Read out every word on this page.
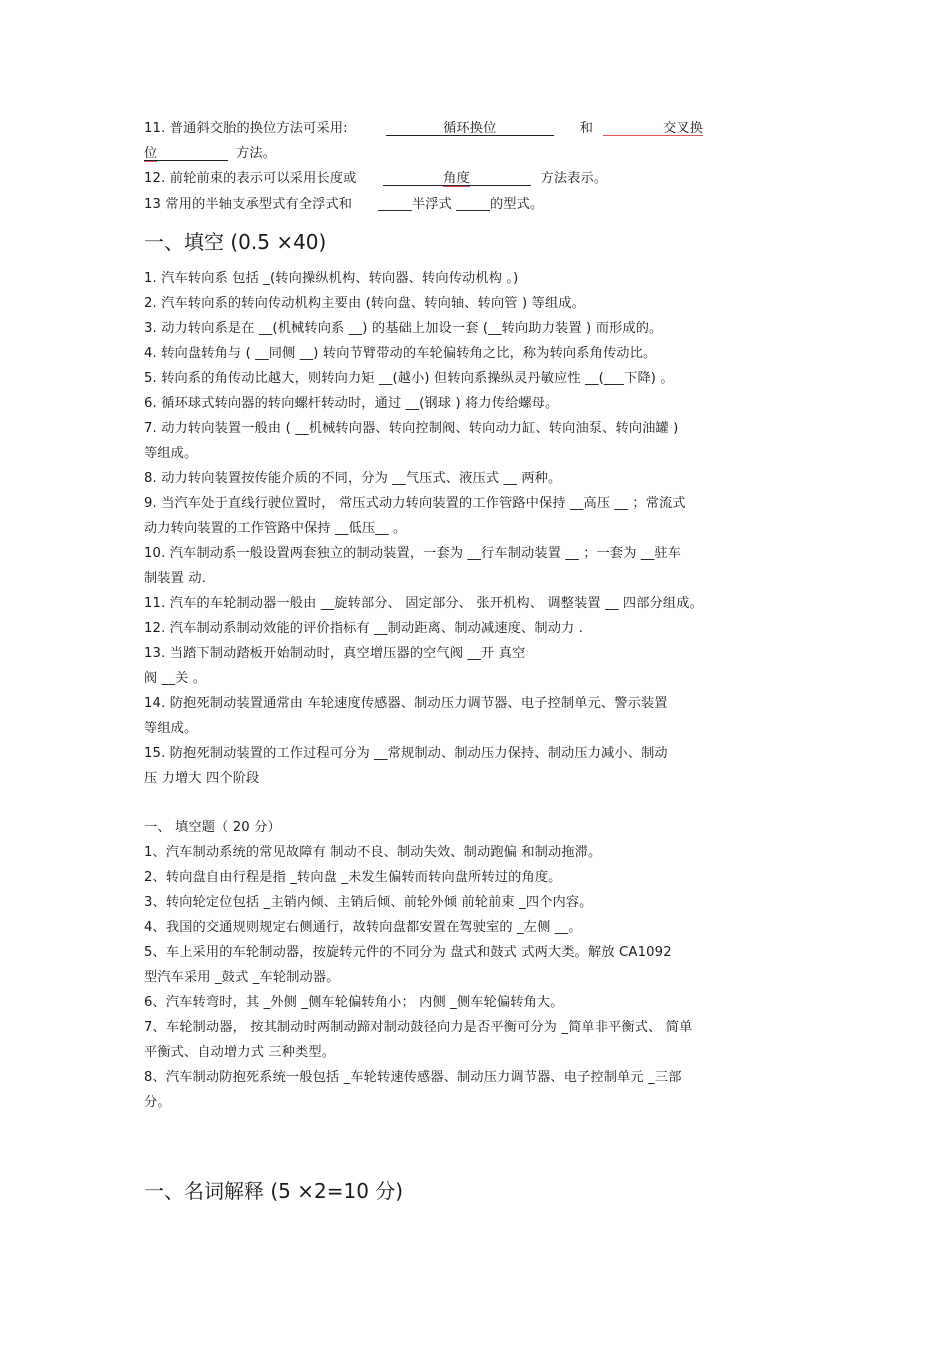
11. 普通斜交胎的换位方法可采用:	循环换位	和	交叉换
位	方法。
12. 前轮前束的表示可以采用长度或	角度	方法表示。
13 常用的半轴支承型式有全浮式和 _____半浮式 _____的型式。
一、填空 (0.5 ×40)
1. 汽车转向系 包括 _(转向操纵机构、转向器、转向传动机构 。)
2. 汽车转向系的转向传动机构主要由 (转向盘、转向轴、转向管 ) 等组成。
3. 动力转向系是在 __(机械转向系 __) 的基础上加设一套 (__转向助力装置 ) 而形成的。
4. 转向盘转角与 ( __同侧 __) 转向节臂带动的车轮偏转角之比，称为转向系角传动比。
5. 转向系的角传动比越大，则转向力矩 __(越小) 但转向系操纵灵丹敏应性 __(___下降) 。
6. 循环球式转向器的转向螺杆转动时，通过 __(钢球 ) 将力传给螺母。
7. 动力转向装置一般由 ( __机械转向器、转向控制阀、转向动力缸、转向油泵、转向油罐 )
等组成。
8. 动力转向装置按传能介质的不同，分为 __气压式、液压式 __ 两种。
9. 当汽车处于直线行驶位置时， 常压式动力转向装置的工作管路中保持 __高压 __ ；常流式
动力转向装置的工作管路中保持 __低压__ 。
10. 汽车制动系一般设置两套独立的制动装置，一套为 __行车制动装置 __ ；一套为 __驻车
制装置 动.
11. 汽车的车轮制动器一般由 __旋转部分、 固定部分、 张开机构、 调整装置 __ 四部分组成。
12. 汽车制动系制动效能的评价指标有 __制动距离、制动减速度、制动力 .
13. 当踏下制动踏板开始制动时，真空增压器的空气阀 __开 真空
阀 __关 。
14. 防抱死制动装置通常由 车轮速度传感器、制动压力调节器、电子控制单元、警示装置
等组成。
15. 防抱死制动装置的工作过程可分为 __常规制动、制动压力保持、制动压力减小、制动
压 力增大 四个阶段
一、 填空题（ 20 分）
1、汽车制动系统的常见故障有 制动不良、制动失效、制动跑偏 和制动拖滞。
2、转向盘自由行程是指 _转向盘 _未发生偏转而转向盘所转过的角度。
3、转向轮定位包括 _主销内倾、主销后倾、前轮外倾 前轮前束 _四个内容。
4、我国的交通规则规定右侧通行，故转向盘都安置在驾驶室的 _左侧 __。
5、车上采用的车轮制动器，按旋转元件的不同分为 盘式和鼓式 式两大类。解放 CA1092
型汽车采用 _鼓式 _车轮制动器。
6、汽车转弯时，其 _外侧 _侧车轮偏转角小； 内侧 _侧车轮偏转角大。
7、车轮制动器， 按其制动时两制动蹄对制动鼓径向力是否平衡可分为 _简单非平衡式、 简单
平衡式、自动增力式 三种类型。
8、汽车制动防抱死系统一般包括 _车轮转速传感器、制动压力调节器、电子控制单元 _三部
分。
一、名词解释 (5 ×2=10 分)
